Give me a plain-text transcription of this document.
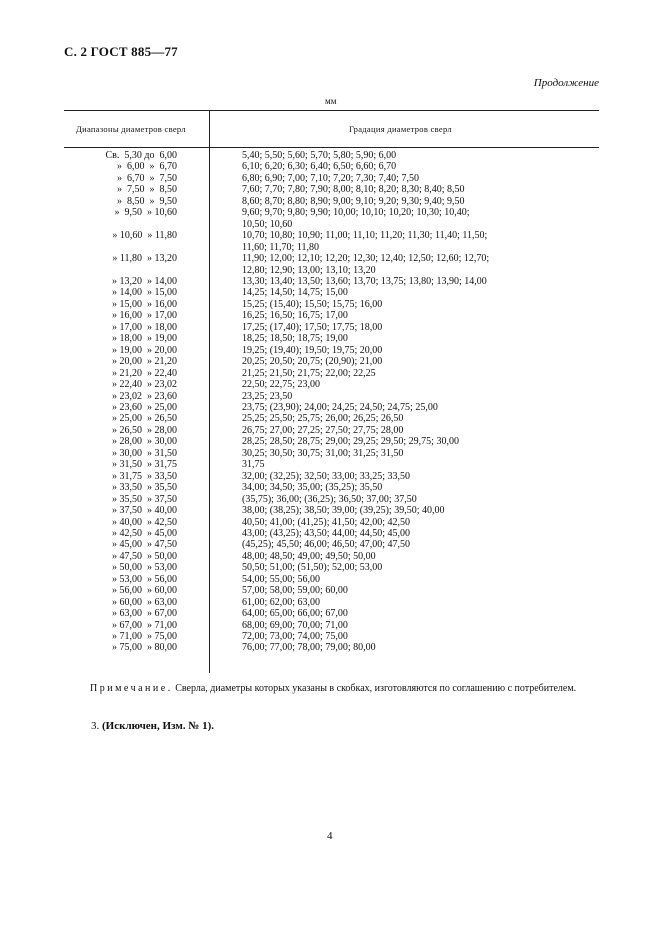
С. 2 ГОСТ 885—77
Продолжение
мм
Диапазоны диаметров сверл	Градация диаметров сверл
Св.  5,30 до  6,00	5,40; 5,50; 5,60; 5,70; 5,80; 5,90; 6,00
»  6,00  »  6,70	6,10; 6,20; 6,30; 6,40; 6,50; 6,60; 6,70
»  6,70  »  7,50	6,80; 6,90; 7,00; 7,10; 7,20; 7,30; 7,40; 7,50
»  7,50  »  8,50	7,60; 7,70; 7,80; 7,90; 8,00; 8,10; 8,20; 8,30; 8,40; 8,50
»  8,50  »  9,50	8,60; 8,70; 8,80; 8,90; 9,00; 9,10; 9,20; 9,30; 9,40; 9,50
»  9,50  » 10,60	9,60; 9,70; 9,80; 9,90; 10,00; 10,10; 10,20; 10,30; 10,40;
10,50; 10,60
» 10,60  » 11,80	10,70; 10,80; 10,90; 11,00; 11,10; 11,20; 11,30; 11,40; 11,50;
11,60; 11,70; 11,80
» 11,80  » 13,20	11,90; 12,00; 12,10; 12,20; 12,30; 12,40; 12,50; 12,60; 12,70;
12,80; 12,90; 13,00; 13,10; 13,20
» 13,20  » 14,00	13,30; 13,40; 13,50; 13,60; 13,70; 13,75; 13,80; 13,90; 14,00
» 14,00  » 15,00	14,25; 14,50; 14,75; 15,00
» 15,00  » 16,00	15,25; (15,40); 15,50; 15,75; 16,00
» 16,00  » 17,00	16,25; 16,50; 16,75; 17,00
» 17,00  » 18,00	17,25; (17,40); 17,50; 17,75; 18,00
» 18,00  » 19,00	18,25; 18,50; 18,75; 19,00
» 19,00  » 20,00	19,25; (19,40); 19,50; 19,75; 20,00
» 20,00  » 21,20	20,25; 20,50; 20,75; (20,90); 21,00
» 21,20  » 22,40	21,25; 21,50; 21,75; 22,00; 22,25
» 22,40  » 23,02	22,50; 22,75; 23,00
» 23,02  » 23,60	23,25; 23,50
» 23,60  » 25,00	23,75; (23,90); 24,00; 24,25; 24,50; 24,75; 25,00
» 25,00  » 26,50	25,25; 25,50; 25,75; 26,00; 26,25; 26,50
» 26,50  » 28,00	26,75; 27,00; 27,25; 27,50; 27,75; 28,00
» 28,00  » 30,00	28,25; 28,50; 28,75; 29,00; 29,25; 29,50; 29,75; 30,00
» 30,00  » 31,50	30,25; 30,50; 30,75; 31,00; 31,25; 31,50
» 31,50  » 31,75	31,75
» 31,75  » 33,50	32,00; (32,25); 32,50; 33,00; 33,25; 33,50
» 33,50  » 35,50	34,00; 34,50; 35,00; (35,25); 35,50
» 35,50  » 37,50	(35,75); 36,00; (36,25); 36,50; 37,00; 37,50
» 37,50  » 40,00	38,00; (38,25); 38,50; 39,00; (39,25); 39,50; 40,00
» 40,00  » 42,50	40,50; 41,00; (41,25); 41,50; 42,00; 42,50
» 42,50  » 45,00	43,00; (43,25); 43,50; 44,00; 44,50; 45,00
» 45,00  » 47,50	(45,25); 45,50; 46,00; 46,50; 47,00; 47,50
» 47,50  » 50,00	48,00; 48,50; 49,00; 49,50; 50,00
» 50,00  » 53,00	50,50; 51,00; (51,50); 52,00; 53,00
» 53,00  » 56,00	54,00; 55,00; 56,00
» 56,00  » 60,00	57,00; 58,00; 59,00; 60,00
» 60,00  » 63,00	61,00; 62,00; 63,00
» 63,00  » 67,00	64,00; 65,00; 66,00; 67,00
» 67,00  » 71,00	68,00; 69,00; 70,00; 71,00
» 71,00  » 75,00	72,00; 73,00; 74,00; 75,00
» 75,00  » 80,00	76,00; 77,00; 78,00; 79,00; 80,00
Примечание. Сверла, диаметры которых указаны в скобках, изготовляются по соглашению с потребителем.
3. (Исключен, Изм. № 1).
4
